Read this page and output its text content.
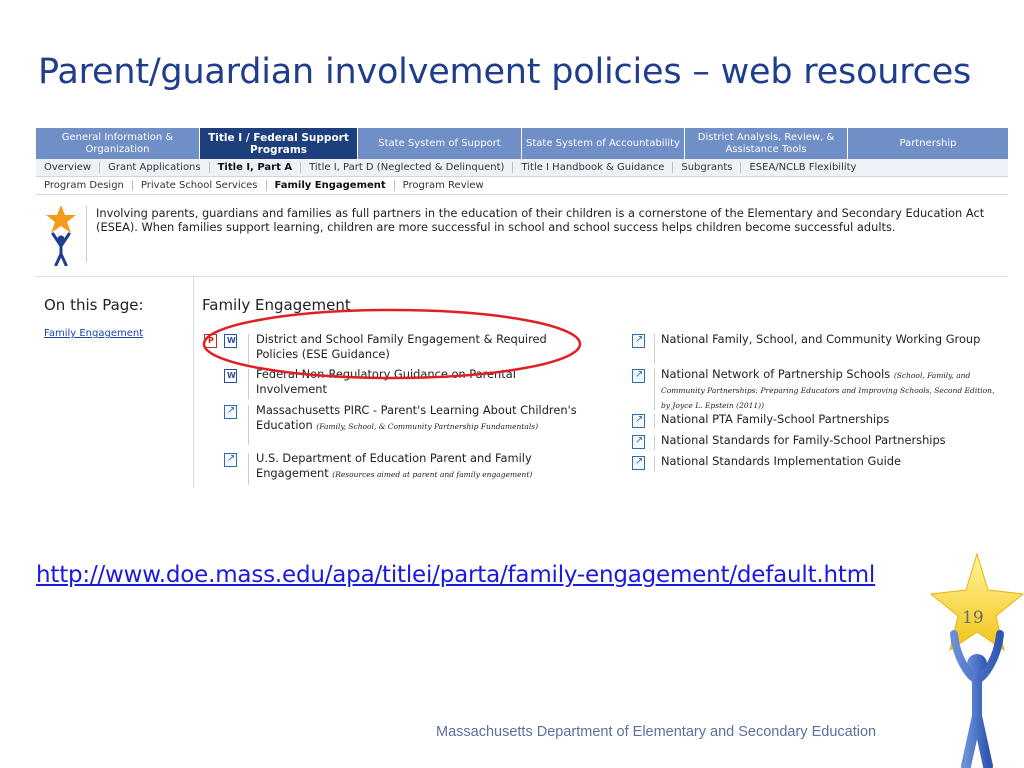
Parent/guardian involvement policies – web resources
General Information & Organization
Title I / Federal Support Programs
State System of Support	State System of Accountability
District Analysis, Review, & Assistance Tools
Partnership
Overview	Grant Applications	Title I, Part A	Title I, Part D (Neglected & Delinquent)	Title I Handbook & Guidance	Subgrants	ESEA/NCLB Flexibility
Program Design	Private School Services	Family Engagement	Program Review
Involving parents, guardians and families as full partners in the education of their children is a cornerstone of the Elementary and Secondary Education Act (ESEA). When families support learning, children are more successful in school and school success helps children become successful adults.
On this Page:
Family Engagement
Family Engagement
P
W
District and School Family Engagement & Required Policies (ESE Guidance)
W
Federal Non-Regulatory Guidance on Parental Involvement
↗
Massachusetts PIRC - Parent's Learning About Children's Education (Family, School, & Community Partnership Fundamentals)
↗
U.S. Department of Education Parent and Family Engagement (Resources aimed at parent and family engagement)
↗
National Family, School, and Community Working Group
↗
National Network of Partnership Schools (School, Family, and Community Partnerships: Preparing Educators and Improving Schools, Second Edition, by Joyce L. Epstein (2011))
↗
National PTA Family-School Partnerships
↗
National Standards for Family-School Partnerships
↗
National Standards Implementation Guide
http://www.doe.mass.edu/apa/titlei/parta/family-engagement/default.html
19
Massachusetts Department of Elementary and Secondary Education
